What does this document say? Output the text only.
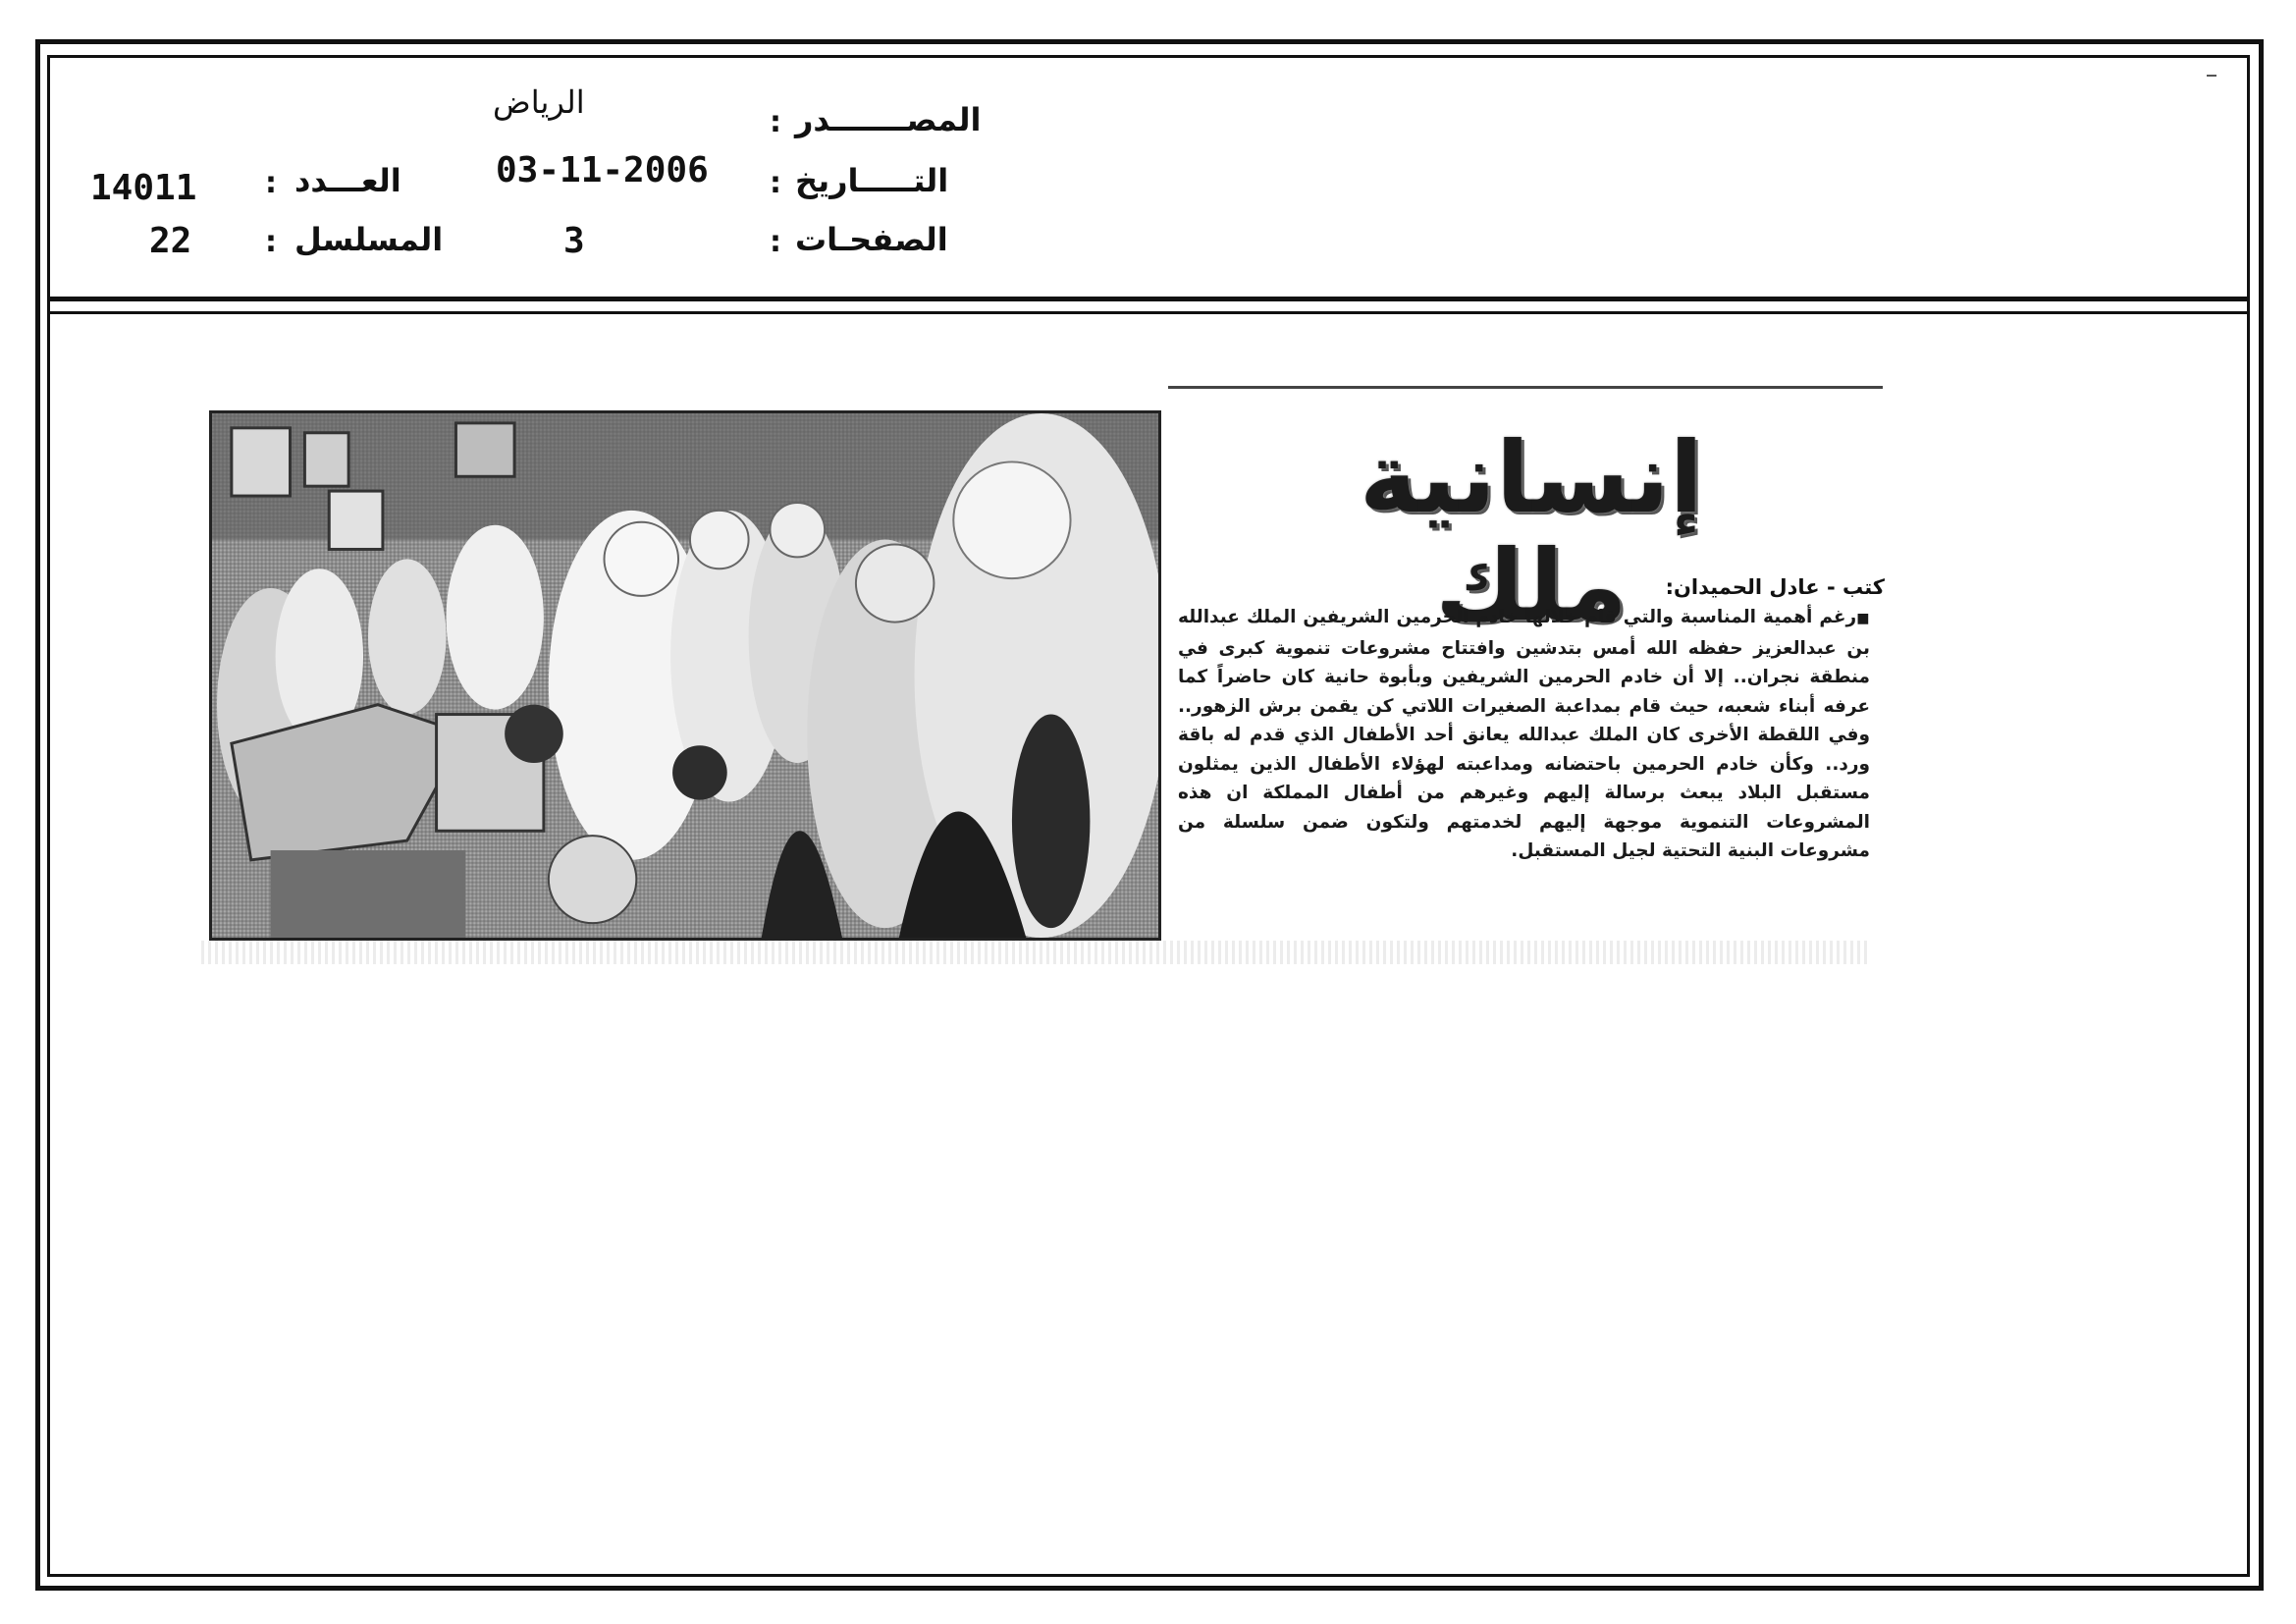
المصـــــــدر
:
التـــــاريخ
:
الصفحـات
:
الرياض
03-11-2006
3
العـــدد
:
14011
المسلسل
:
22
إنسانية ملك	كتب - عادل الحميدان:
■ رغم أهمية المناسبة والتي قام خلالها خادم الحرمين الشريفين الملك عبدالله بن عبدالعزيز حفظه الله أمس بتدشين وافتتاح مشروعات تنموية كبرى في منطقة نجران.. إلا أن خادم الحرمين الشريفين وبأبوة حانية كان حاضراً كما عرفه أبناء شعبه، حيث قام بمداعبة الصغيرات اللاتي كن يقمن برش الزهور.. وفي اللقطة الأخرى كان الملك عبدالله يعانق أحد الأطفال الذي قدم له باقة ورد.. وكأن خادم الحرمين باحتضانه ومداعبته لهؤلاء الأطفال الذين يمثلون مستقبل البلاد يبعث برسالة إليهم وغيرهم من أطفال المملكة ان هذه المشروعات التنموية موجهة إليهم لخدمتهم ولتكون ضمن سلسلة من مشروعات البنية التحتية لجيل المستقبل.
